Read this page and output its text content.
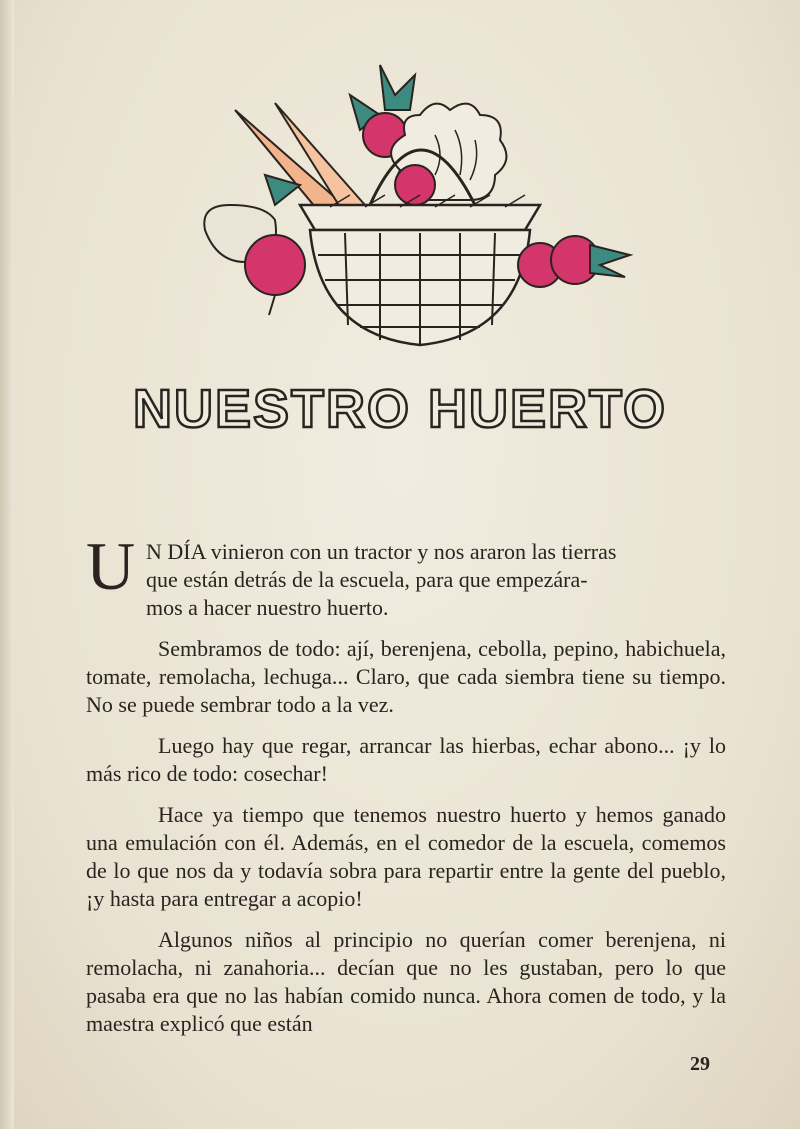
NUESTRO HUERTO
U N DÍA vinieron con un tractor y nos araron las tierras
que están detrás de la escuela, para que empezára-
mos a hacer nuestro huerto.

Sembramos de todo: ají, berenjena, cebolla, pepino, habichuela, tomate, remolacha, lechuga... Claro, que cada siembra tiene su tiempo. No se puede sembrar todo a la vez.

Luego hay que regar, arrancar las hierbas, echar abono... ¡y lo más rico de todo: cosechar!

Hace ya tiempo que tenemos nuestro huerto y hemos ganado una emulación con él. Además, en el comedor de la escuela, comemos de lo que nos da y todavía sobra para repartir entre la gente del pueblo, ¡y hasta para entregar a acopio!

Algunos niños al principio no querían comer berenjena, ni remolacha, ni zanahoria... decían que no les gustaban, pero lo que pasaba era que no las habían comido nunca. Ahora comen de todo, y la maestra explicó que están

29
